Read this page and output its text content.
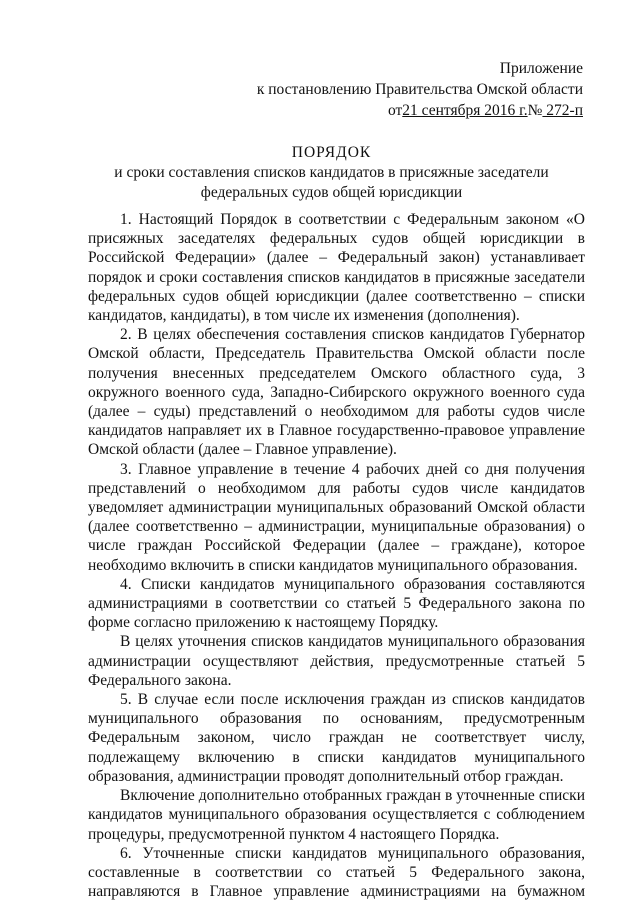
Приложение
к постановлению Правительства Омской области
от21 сентября 2016 г.№ 272-п
ПОРЯДОК
и сроки составления списков кандидатов в присяжные заседатели
федеральных судов общей юрисдикции

1. Настоящий Порядок в соответствии с Федеральным законом «О присяжных заседателях федеральных судов общей юрисдикции в Российской Федерации» (далее – Федеральный закон) устанавливает порядок и сроки составления списков кандидатов в присяжные заседатели федеральных судов общей юрисдикции (далее соответственно – списки кандидатов, кандидаты), в том числе их изменения (дополнения).

2. В целях обеспечения составления списков кандидатов Губернатор Омской области, Председатель Правительства Омской области после получения внесенных председателем Омского областного суда, 3 окружного военного суда, Западно-Сибирского окружного военного суда (далее – суды) представлений о необходимом для работы судов числе кандидатов направляет их в Главное государственно-правовое управление Омской области (далее – Главное управление).

3. Главное управление в течение 4 рабочих дней со дня получения представлений о необходимом для работы судов числе кандидатов уведомляет администрации муниципальных образований Омской области (далее соответственно – администрации, муниципальные образования) о числе граждан Российской Федерации (далее – граждане), которое необходимо включить в списки кандидатов муниципального образования.

4. Списки кандидатов муниципального образования составляются администрациями в соответствии со статьей 5 Федерального закона по форме согласно приложению к настоящему Порядку.

В целях уточнения списков кандидатов муниципального образования администрации осуществляют действия, предусмотренные статьей 5 Федерального закона.

5. В случае если после исключения граждан из списков кандидатов муниципального образования по основаниям, предусмотренным Федеральным законом, число граждан не соответствует числу, подлежащему включению в списки кандидатов муниципального образования, администрации проводят дополнительный отбор граждан.

Включение дополнительно отобранных граждан в уточненные списки кандидатов муниципального образования осуществляется с соблюдением процедуры, предусмотренной пунктом 4 настоящего Порядка.

6. Уточненные списки кандидатов муниципального образования, составленные в соответствии со статьей 5 Федерального закона, направляются в Главное управление администрациями на бумажном
